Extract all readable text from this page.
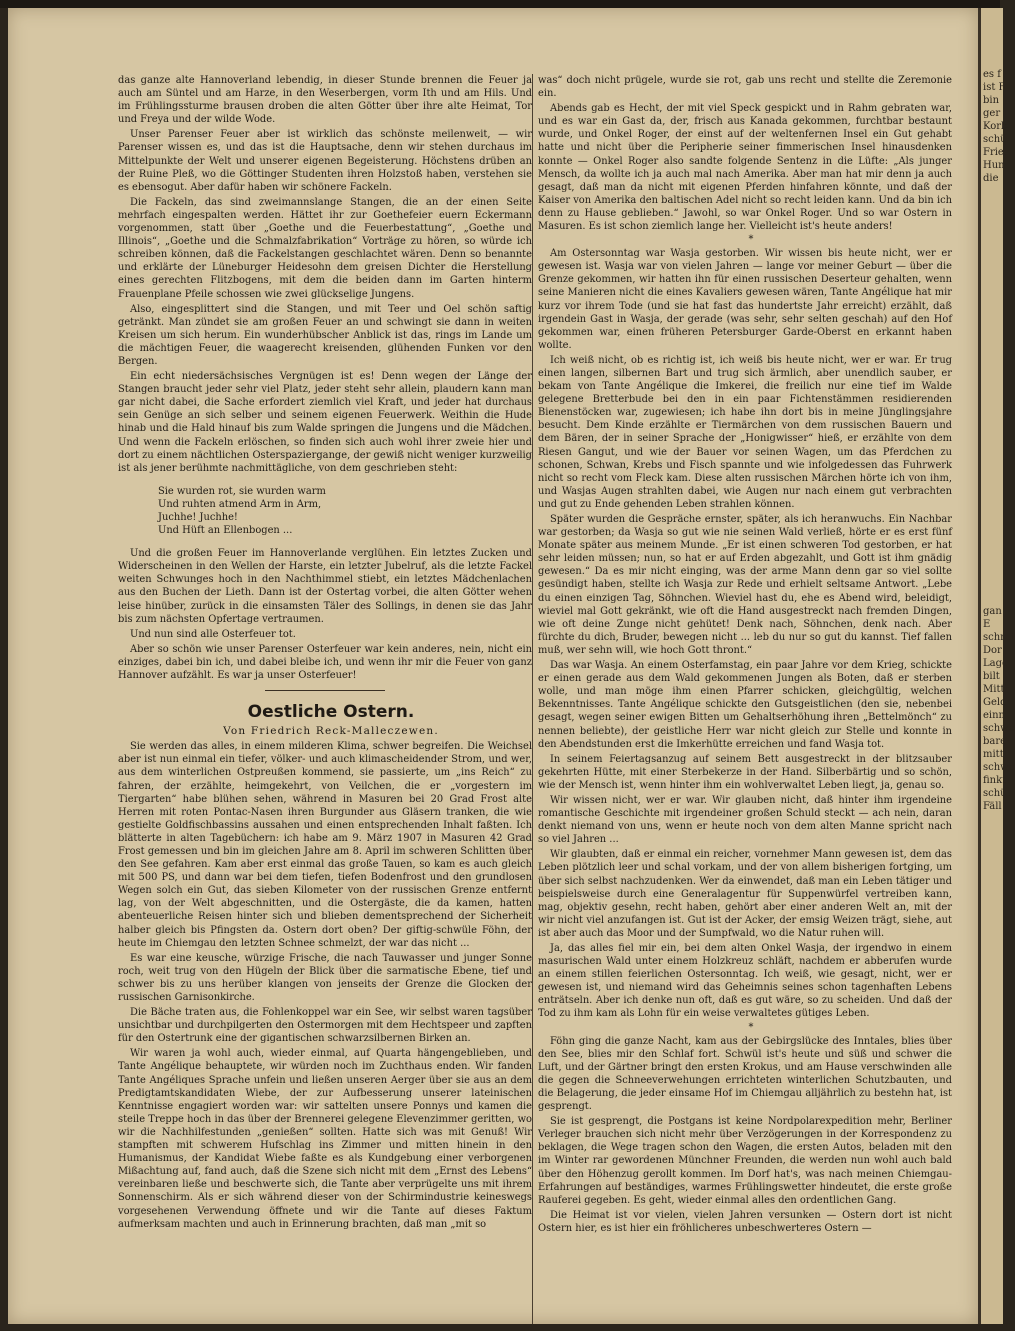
das ganze alte Hannoverland lebendig, in dieser Stunde brennen die Feuer ja auch am Süntel und am Harze, in den Weserbergen, vorm Ith und am Hils. Und im Frühlingssturme brausen droben die alten Götter über ihre alte Heimat, Tor und Freya und der wilde Wode.

Unser Parenser Feuer aber ist wirklich das schönste meilenweit, — wir Parenser wissen es, und das ist die Hauptsache, denn wir stehen durchaus im Mittelpunkte der Welt und unserer eigenen Begeisterung. Höchstens drüben an der Ruine Pleß, wo die Göttinger Studenten ihren Holzstoß haben, verstehen sie es ebensogut. Aber dafür haben wir schönere Fackeln.

Die Fackeln, das sind zweimannslange Stangen, die an der einen Seite mehrfach eingespalten werden. Hättet ihr zur Goethefeier euern Eckermann vorgenommen, statt über „Goethe und die Feuerbestattung“, „Goethe und Illinois“, „Goethe und die Schmalzfabrikation“ Vorträge zu hören, so würde ich schreiben können, daß die Fackelstangen geschlachtet wären. Denn so benannte und erklärte der Lüneburger Heidesohn dem greisen Dichter die Herstellung eines gerechten Flitzbogens, mit dem die beiden dann im Garten hinterm Frauenplane Pfeile schossen wie zwei glückselige Jungens.

Also, eingesplittert sind die Stangen, und mit Teer und Oel schön saftig getränkt. Man zündet sie am großen Feuer an und schwingt sie dann in weiten Kreisen um sich herum. Ein wunderhübscher Anblick ist das, rings im Lande um die mächtigen Feuer, die waagerecht kreisenden, glühenden Funken vor den Bergen.

Ein echt niedersächsisches Vergnügen ist es! Denn wegen der Länge der Stangen braucht jeder sehr viel Platz, jeder steht sehr allein, plaudern kann man gar nicht dabei, die Sache erfordert ziemlich viel Kraft, und jeder hat durchaus sein Genüge an sich selber und seinem eigenen Feuerwerk. Weithin die Hude hinab und die Hald hinauf bis zum Walde springen die Jungens und die Mädchen. Und wenn die Fackeln erlöschen, so finden sich auch wohl ihrer zweie hier und dort zu einem nächtlichen Osterspaziergange, der gewiß nicht weniger kurzweilig ist als jener berühmte nachmittägliche, von dem geschrieben steht:

Sie wurden rot, sie wurden warm
Und ruhten atmend Arm in Arm,
Juchhe! Juchhe!
Und Hüft an Ellenbogen ...

Und die großen Feuer im Hannoverlande verglühen. Ein letztes Zucken und Widerscheinen in den Wellen der Harste, ein letzter Jubelruf, als die letzte Fackel weiten Schwunges hoch in den Nachthimmel stiebt, ein letztes Mädchenlachen aus den Buchen der Lieth. Dann ist der Ostertag vorbei, die alten Götter wehen leise hinüber, zurück in die einsamsten Täler des Sollings, in denen sie das Jahr bis zum nächsten Opfertage vertraumen.

Und nun sind alle Osterfeuer tot.

Aber so schön wie unser Parenser Osterfeuer war kein anderes, nein, nicht ein einziges, dabei bin ich, und dabei bleibe ich, und wenn ihr mir die Feuer von ganz Hannover aufzählt. Es war ja unser Osterfeuer!

Oestliche Ostern.

Von Friedrich Reck-Malleczewen.

Sie werden das alles, in einem milderen Klima, schwer begreifen. Die Weichsel aber ist nun einmal ein tiefer, völker- und auch klimascheidender Strom, und wer, aus dem winterlichen Ostpreußen kommend, sie passierte, um „ins Reich“ zu fahren, der erzählte, heimgekehrt, von Veilchen, die er „vorgestern im Tiergarten“ habe blühen sehen, während in Masuren bei 20 Grad Frost alte Herren mit roten Pontac-Nasen ihren Burgunder aus Gläsern tranken, die wie gestielte Goldfischbassins aussahen und einen entsprechenden Inhalt faßten. Ich blätterte in alten Tagebüchern: ich habe am 9. März 1907 in Masuren 42 Grad Frost gemessen und bin im gleichen Jahre am 8. April im schweren Schlitten über den See gefahren. Kam aber erst einmal das große Tauen, so kam es auch gleich mit 500 PS, und dann war bei dem tiefen, tiefen Bodenfrost und den grundlosen Wegen solch ein Gut, das sieben Kilometer von der russischen Grenze entfernt lag, von der Welt abgeschnitten, und die Ostergäste, die da kamen, hatten abenteuerliche Reisen hinter sich und blieben dementsprechend der Sicherheit halber gleich bis Pfingsten da. Ostern dort oben? Der giftig-schwüle Föhn, der heute im Chiemgau den letzten Schnee schmelzt, der war das nicht ...

Es war eine keusche, würzige Frische, die nach Tauwasser und junger Sonne roch, weit trug von den Hügeln der Blick über die sarmatische Ebene, tief und schwer bis zu uns herüber klangen von jenseits der Grenze die Glocken der russischen Garnisonkirche.

Die Bäche traten aus, die Fohlenkoppel war ein See, wir selbst waren tagsüber unsichtbar und durchpilgerten den Ostermorgen mit dem Hechtspeer und zapften für den Ostertrunk eine der gigantischen schwarzsilbernen Birken an.

Wir waren ja wohl auch, wieder einmal, auf Quarta hängengeblieben, und Tante Angélique behauptete, wir würden noch im Zuchthaus enden. Wir fanden Tante Angéliques Sprache unfein und ließen unseren Aerger über sie aus an dem Predigtamtskandidaten Wiebe, der zur Aufbesserung unserer lateinischen Kenntnisse engagiert worden war: wir sattelten unsere Ponnys und kamen die steile Treppe hoch in das über der Brennerei gelegene Elevenzimmer geritten, wo wir die Nachhilfestunden „genießen“ sollten. Hatte sich was mit Genuß! Wir stampften mit schwerem Hufschlag ins Zimmer und mitten hinein in den Humanismus, der Kandidat Wiebe faßte es als Kundgebung einer verborgenen Mißachtung auf, fand auch, daß die Szene sich nicht mit dem „Ernst des Lebens“ vereinbaren ließe und beschwerte sich, die Tante aber verprügelte uns mit ihrem Sonnenschirm. Als er sich während dieser von der Schirmindustrie keineswegs vorgesehenen Verwendung öffnete und wir die Tante auf dieses Faktum aufmerksam machten und auch in Erinnerung brachten, daß man „mit so

was“ doch nicht prügele, wurde sie rot, gab uns recht und stellte die Zeremonie ein.

Abends gab es Hecht, der mit viel Speck gespickt und in Rahm gebraten war, und es war ein Gast da, der, frisch aus Kanada gekommen, furchtbar bestaunt wurde, und Onkel Roger, der einst auf der weltenfernen Insel ein Gut gehabt hatte und nicht über die Peripherie seiner fimmerischen Insel hinausdenken konnte — Onkel Roger also sandte folgende Sentenz in die Lüfte: „Als junger Mensch, da wollte ich ja auch mal nach Amerika. Aber man hat mir denn ja auch gesagt, daß man da nicht mit eigenen Pferden hinfahren könnte, und daß der Kaiser von Amerika den baltischen Adel nicht so recht leiden kann. Und da bin ich denn zu Hause geblieben.“ Jawohl, so war Onkel Roger. Und so war Ostern in Masuren. Es ist schon ziemlich lange her. Vielleicht ist's heute anders!

*

Am Ostersonntag war Wasja gestorben. Wir wissen bis heute nicht, wer er gewesen ist. Wasja war von vielen Jahren — lange vor meiner Geburt — über die Grenze gekommen, wir hatten ihn für einen russischen Deserteur gehalten, wenn seine Manieren nicht die eines Kavaliers gewesen wären, Tante Angélique hat mir kurz vor ihrem Tode (und sie hat fast das hundertste Jahr erreicht) erzählt, daß irgendein Gast in Wasja, der gerade (was sehr, sehr selten geschah) auf den Hof gekommen war, einen früheren Petersburger Garde-Oberst en erkannt haben wollte.

Ich weiß nicht, ob es richtig ist, ich weiß bis heute nicht, wer er war. Er trug einen langen, silbernen Bart und trug sich ärmlich, aber unendlich sauber, er bekam von Tante Angélique die Imkerei, die freilich nur eine tief im Walde gelegene Bretterbude bei den in ein paar Fichtenstämmen residierenden Bienenstöcken war, zugewiesen; ich habe ihn dort bis in meine Jünglingsjahre besucht. Dem Kinde erzählte er Tiermärchen von dem russischen Bauern und dem Bären, der in seiner Sprache der „Honigwisser“ hieß, er erzählte von dem Riesen Gangut, und wie der Bauer vor seinen Wagen, um das Pferdchen zu schonen, Schwan, Krebs und Fisch spannte und wie infolgedessen das Fuhrwerk nicht so recht vom Fleck kam. Diese alten russischen Märchen hörte ich von ihm, und Wasjas Augen strahlten dabei, wie Augen nur nach einem gut verbrachten und gut zu Ende gehenden Leben strahlen können.

Später wurden die Gespräche ernster, später, als ich heranwuchs. Ein Nachbar war gestorben; da Wasja so gut wie nie seinen Wald verließ, hörte er es erst fünf Monate später aus meinem Munde. „Er ist einen schweren Tod gestorben, er hat sehr leiden müssen; nun, so hat er auf Erden abgezahlt, und Gott ist ihm gnädig gewesen.“ Da es mir nicht einging, was der arme Mann denn gar so viel sollte gesündigt haben, stellte ich Wasja zur Rede und erhielt seltsame Antwort. „Lebe du einen einzigen Tag, Söhnchen. Wieviel hast du, ehe es Abend wird, beleidigt, wieviel mal Gott gekränkt, wie oft die Hand ausgestreckt nach fremden Dingen, wie oft deine Zunge nicht gehütet! Denk nach, Söhnchen, denk nach. Aber fürchte du dich, Bruder, bewegen nicht ... leb du nur so gut du kannst. Tief fallen muß, wer sehn will, wie hoch Gott thront.“

Das war Wasja. An einem Osterfamstag, ein paar Jahre vor dem Krieg, schickte er einen gerade aus dem Wald gekommenen Jungen als Boten, daß er sterben wolle, und man möge ihm einen Pfarrer schicken, gleichgültig, welchen Bekenntnisses. Tante Angélique schickte den Gutsgeistlichen (den sie, nebenbei gesagt, wegen seiner ewigen Bitten um Gehaltserhöhung ihren „Bettelmönch“ zu nennen beliebte), der geistliche Herr war nicht gleich zur Stelle und konnte in den Abendstunden erst die Imkerhütte erreichen und fand Wasja tot.

In seinem Feiertagsanzug auf seinem Bett ausgestreckt in der blitzsauber gekehrten Hütte, mit einer Sterbekerze in der Hand. Silberbärtig und so schön, wie der Mensch ist, wenn hinter ihm ein wohlverwaltet Leben liegt, ja, genau so.

Wir wissen nicht, wer er war. Wir glauben nicht, daß hinter ihm irgendeine romantische Geschichte mit irgendeiner großen Schuld steckt — ach nein, daran denkt niemand von uns, wenn er heute noch von dem alten Manne spricht nach so viel Jahren ...

Wir glaubten, daß er einmal ein reicher, vornehmer Mann gewesen ist, dem das Leben plötzlich leer und schal vorkam, und der von allem bisherigen fortging, um über sich selbst nachzudenken. Wer da einwendet, daß man ein Leben tätiger und beispielsweise durch eine Generalagentur für Suppenwürfel vertreiben kann, mag, objektiv gesehn, recht haben, gehört aber einer anderen Welt an, mit der wir nicht viel anzufangen ist. Gut ist der Acker, der emsig Weizen trägt, siehe, aut ist aber auch das Moor und der Sumpfwald, wo die Natur ruhen will.

Ja, das alles fiel mir ein, bei dem alten Onkel Wasja, der irgendwo in einem masurischen Wald unter einem Holzkreuz schläft, nachdem er abberufen wurde an einem stillen feierlichen Ostersonntag. Ich weiß, wie gesagt, nicht, wer er gewesen ist, und niemand wird das Geheimnis seines schon tagenhaften Lebens enträtseln. Aber ich denke nun oft, daß es gut wäre, so zu scheiden. Und daß der Tod zu ihm kam als Lohn für ein weise verwaltetes gütiges Leben.

*

Föhn ging die ganze Nacht, kam aus der Gebirgslücke des Inntales, blies über den See, blies mir den Schlaf fort. Schwül ist's heute und süß und schwer die Luft, und der Gärtner bringt den ersten Krokus, und am Hause verschwinden alle die gegen die Schneeverwehungen errichteten winterlichen Schutzbauten, und die Belagerung, die jeder einsame Hof im Chiemgau alljährlich zu bestehn hat, ist gesprengt.

Sie ist gesprengt, die Postgans ist keine Nordpolarexpedition mehr, Berliner Verleger brauchen sich nicht mehr über Verzögerungen in der Korrespondenz zu beklagen, die Wege tragen schon den Wagen, die ersten Autos, beladen mit den im Winter rar gewordenen Münchner Freunden, die werden nun wohl auch bald über den Höhenzug gerollt kommen. Im Dorf hat's, was nach meinen Chiemgau-Erfahrungen auf beständiges, warmes Frühlingswetter hindeutet, die erste große Rauferei gegeben. Es geht, wieder einmal alles den ordentlichen Gang.

Die Heimat ist vor vielen, vielen Jahren versunken — Ostern dort ist nicht Ostern hier, es ist hier ein fröhlicheres unbeschwerteres Ostern —

es f
ist F
bin
ger
Korb
schü
Frie
Hun
die
gan
E
schrei
Dor
Lage
bilt
Mitt
Geld
einm
schwe
bare
mitt
schwe
finkt
schüt
Fäll
